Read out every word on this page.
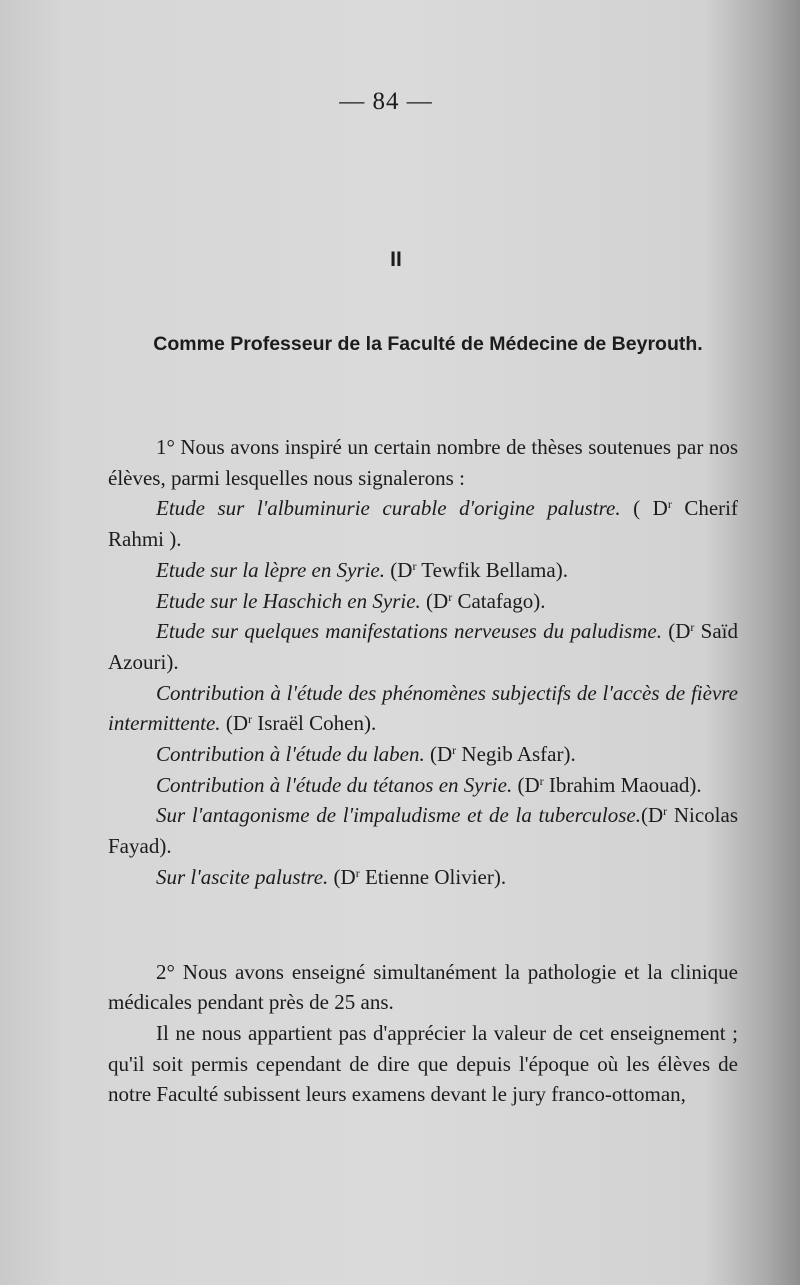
— 84 —
II
Comme Professeur de la Faculté de Médecine de Beyrouth.

1° Nous avons inspiré un certain nombre de thèses soutenues par nos élèves, parmi lesquelles nous signalerons :

Etude sur l'albuminurie curable d'origine palustre. ( $D^r$ Cherif Rahmi ).

Etude sur la lèpre en Syrie. ($D^r$ Tewfik Bellama).

Etude sur le Haschich en Syrie. ($D^r$ Catafago).

Etude sur quelques manifestations nerveuses du paludisme. ($D^r$ Saïd Azouri).

Contribution à l'étude des phénomènes subjectifs de l'accès de fièvre intermittente. ($D^r$ Israël Cohen).

Contribution à l'étude du laben. ($D^r$ Negib Asfar).

Contribution à l'étude du tétanos en Syrie. ($D^r$ Ibrahim Maouad).

Sur l'antagonisme de l'impaludisme et de la $tuberculose.(D^r$ Nicolas Fayad).

Sur l'ascite palustre. ($D^r$ Etienne Olivier).

2° Nous avons enseigné simultanément la pathologie et la clinique médicales pendant près de 25 ans.

Il ne nous appartient pas d'apprécier la valeur de cet enseignement ; qu'il soit permis cependant de dire que depuis l'époque où les élèves de notre Faculté subissent leurs examens devant le jury franco-ottoman,
